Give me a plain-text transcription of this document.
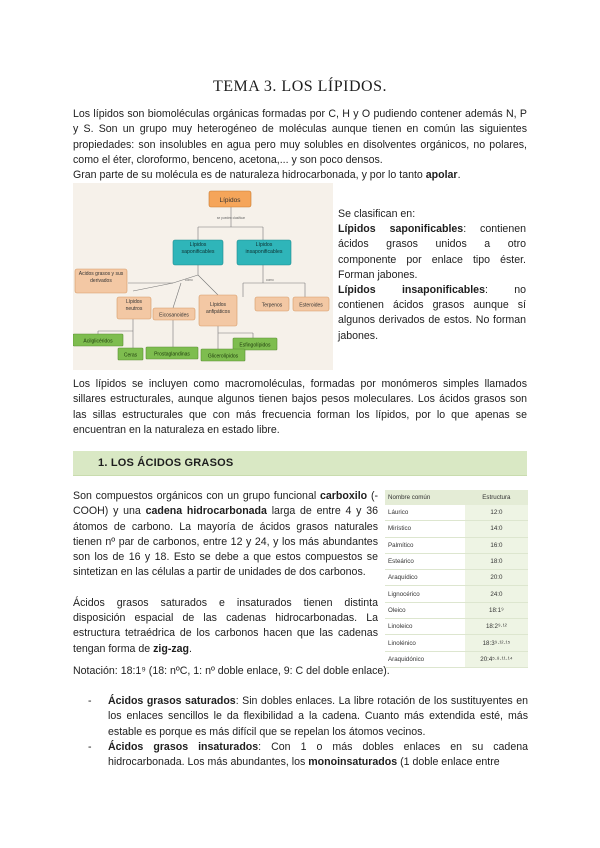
TEMA 3. LOS LÍPIDOS.

Los lípidos son biomoléculas orgánicas formadas por C, H y O pudiendo contener además N, P y S. Son un grupo muy heterogéneo de moléculas aunque tienen en común las siguientes propiedades: son insolubles en agua pero muy solubles en disolventes orgánicos, no polares, como el éter, cloroformo, benceno, acetona,... y son poco densos.
Gran parte de su molécula es de naturaleza hidrocarbonada, y por lo tanto apolar.

Lípidos
se pueden clasificar
Lípidos saponificables
Lípidos insaponificables
como	como
Ácidos grasos y sus derivados
Lípidos neutros
Eicosanoides
Lípidos anfipáticos
Terpenos	Esteroides
Acilglicéridos
Ceras	Prostaglandinas
Esfingolípidos
Glicerolípidos

Se clasifican en:

Lípidos saponificables: contienen ácidos grasos unidos a otro componente por enlace tipo éster. Forman jabones.

Lípidos insaponificables: no contienen ácidos grasos aunque sí algunos derivados de estos. No forman jabones.

Los lípidos se incluyen como macromoléculas, formadas por monómeros simples llamados sillares estructurales, aunque algunos tienen bajos pesos moleculares. Los ácidos grasos son las sillas estructurales que con más frecuencia forman los lípidos, por lo que apenas se encuentran en la naturaleza en estado libre.

1. LOS ÁCIDOS GRASOS

Son compuestos orgánicos con un grupo funcional carboxilo (-COOH) y una cadena hidrocarbonada larga de entre 4 y 36 átomos de carbono. La mayoría de ácidos grasos naturales tienen nº par de carbonos, entre 12 y 24, y los más abundantes son los de 16 y 18. Esto se debe a que estos compuestos se sintetizan en las células a partir de unidades de dos carbonos.

Ácidos grasos saturados e insaturados tienen distinta disposición espacial de las cadenas hidrocarbonadas. La estructura tetraédrica de los carbonos hacen que las cadenas tengan forma de zig-zag.

Notación: 18:1⁹ (18: nºC, 1: nº doble enlace, 9: C del doble enlace).
Nombre común	Estructura
Láurico	12:0
Mirístico	14:0
Palmítico	16:0
Esteárico	18:0
Araquídico	20:0
Lignocérico	24:0
Oleico	18:1⁹
Linoleico	18:2⁹·¹²
Linolénico	18:3⁹·¹²·¹⁵
Araquidónico	20:4⁵·⁸·¹¹·¹⁴

- Ácidos grasos saturados: Sin dobles enlaces. La libre rotación de los sustituyentes en los enlaces sencillos le da flexibilidad a la cadena. Cuanto más extendida esté, más estable es porque es más difícil que se repelan los átomos vecinos.

- Ácidos grasos insaturados: Con 1 o más dobles enlaces en su cadena hidrocarbonada. Los más abundantes, los monoinsaturados (1 doble enlace entre
